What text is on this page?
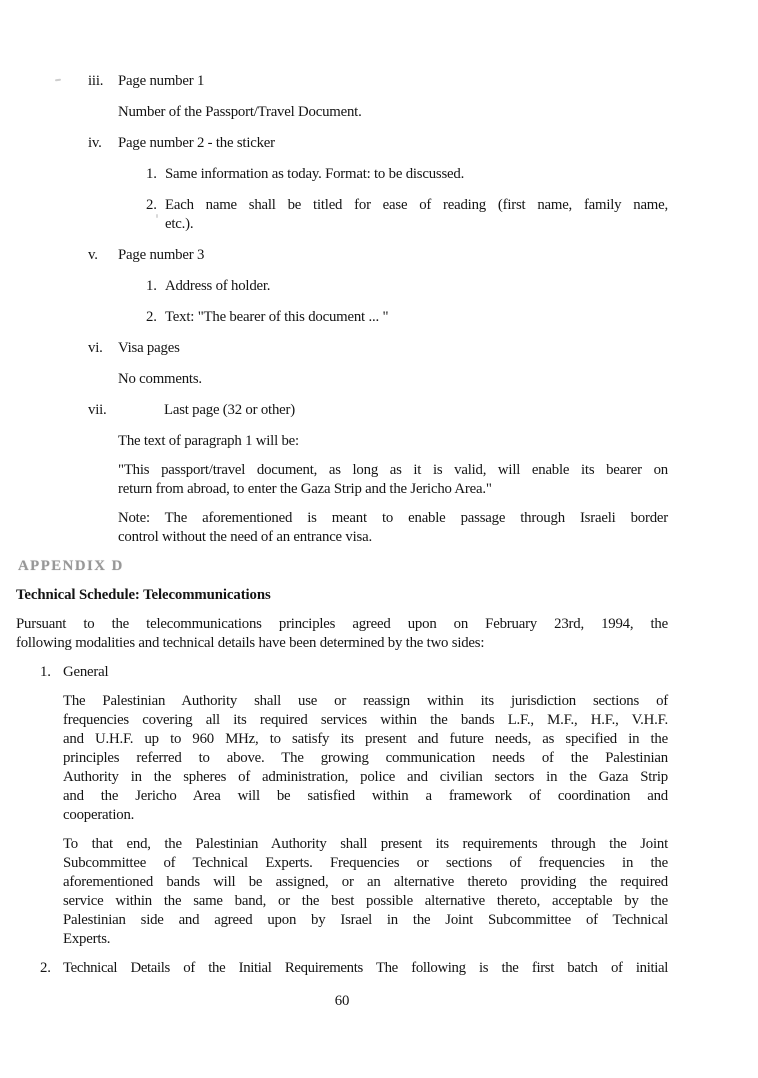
iii. Page number 1
Number of the Passport/Travel Document.
iv.	Page number 2 - the sticker
1. Same information as today. Format: to be discussed.
2. Each name shall be titled for ease of reading (first name, family name,
etc.).
v.	Page number 3
1. Address of holder.
2. Text: "The bearer of this document ... "
vi.	Visa pages
No comments.
vii.	Last page (32 or other)
The text of paragraph 1 will be:
"This passport/travel document, as long as it is valid, will enable its bearer on
return from abroad, to enter the Gaza Strip and the Jericho Area."
Note: The aforementioned is meant to enable passage through Israeli border
control without the need of an entrance visa.
APPENDIX D
Technical Schedule: Telecommunications
Pursuant to the telecommunications principles agreed upon on February 23rd, 1994, the
following modalities and technical details have been determined by the two sides:
1. General
The Palestinian Authority shall use or reassign within its jurisdiction sections of
frequencies covering all its required services within the bands L.F., M.F., H.F., V.H.F.
and U.H.F. up to 960 MHz, to satisfy its present and future needs, as specified in the
principles referred to above. The growing communication needs of the Palestinian
Authority in the spheres of administration, police and civilian sectors in the Gaza Strip
and the Jericho Area will be satisfied within a framework of coordination and
cooperation.
To that end, the Palestinian Authority shall present its requirements through the Joint
Subcommittee of Technical Experts. Frequencies or sections of frequencies in the
aforementioned bands will be assigned, or an alternative thereto providing the required
service within the same band, or the best possible alternative thereto, acceptable by the
Palestinian side and agreed upon by Israel in the Joint Subcommittee of Technical
Experts.
2. Technical Details of the Initial Requirements The following is the first batch of initial
60
